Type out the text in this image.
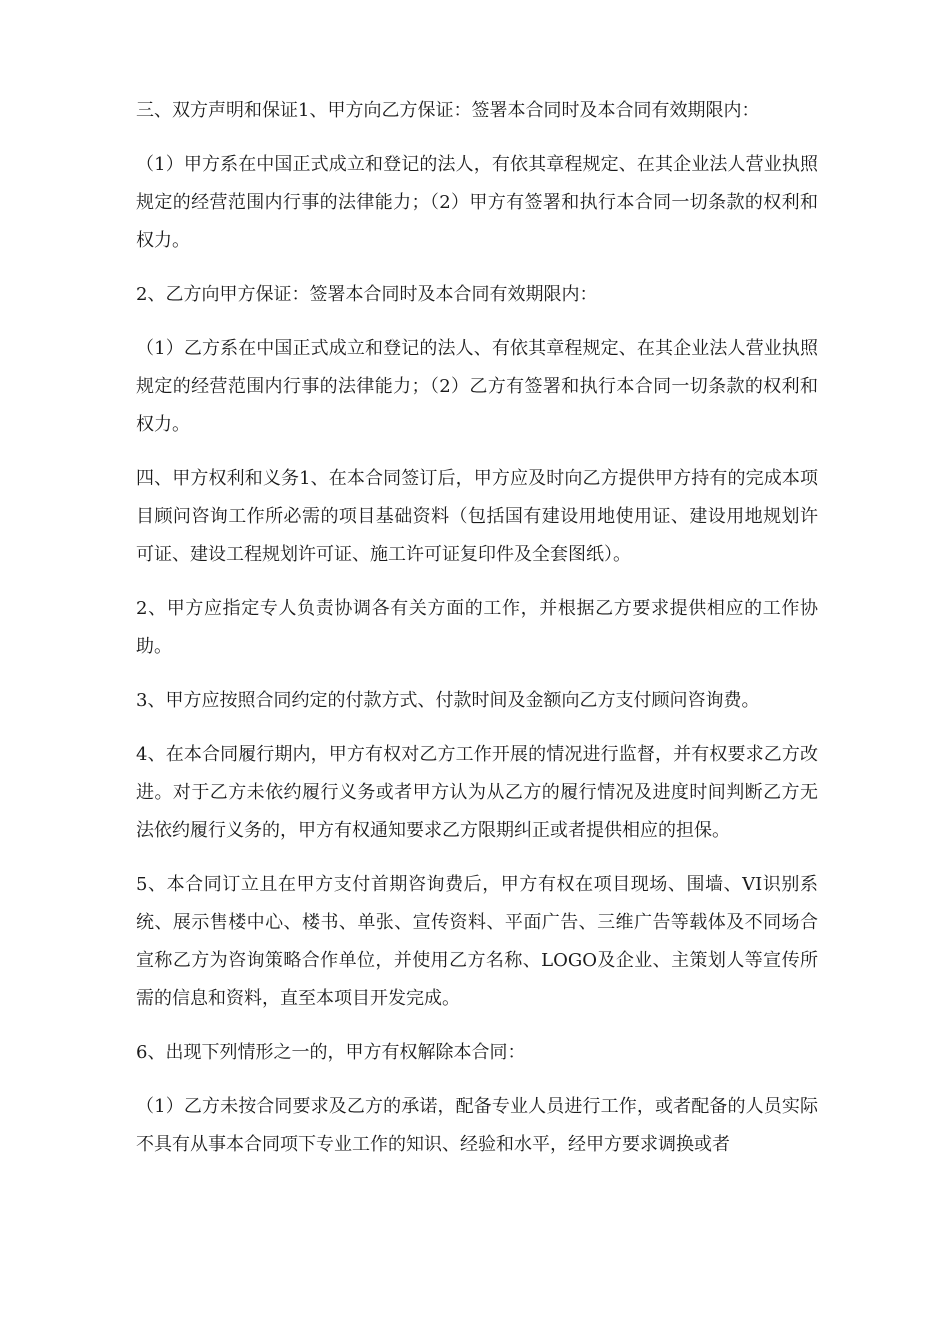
三、双方声明和保证1、甲方向乙方保证：签署本合同时及本合同有效期限内：

（1）甲方系在中国正式成立和登记的法人，有依其章程规定、在其企业法人营业执照规定的经营范围内行事的法律能力；（2）甲方有签署和执行本合同一切条款的权利和权力。

2、乙方向甲方保证：签署本合同时及本合同有效期限内：

（1）乙方系在中国正式成立和登记的法人、有依其章程规定、在其企业法人营业执照规定的经营范围内行事的法律能力；（2）乙方有签署和执行本合同一切条款的权利和权力。

四、甲方权利和义务1、在本合同签订后，甲方应及时向乙方提供甲方持有的完成本项目顾问咨询工作所必需的项目基础资料（包括国有建设用地使用证、建设用地规划许可证、建设工程规划许可证、施工许可证复印件及全套图纸）。

2、甲方应指定专人负责协调各有关方面的工作，并根据乙方要求提供相应的工作协助。

3、甲方应按照合同约定的付款方式、付款时间及金额向乙方支付顾问咨询费。

4、在本合同履行期内，甲方有权对乙方工作开展的情况进行监督，并有权要求乙方改进。对于乙方未依约履行义务或者甲方认为从乙方的履行情况及进度时间判断乙方无法依约履行义务的，甲方有权通知要求乙方限期纠正或者提供相应的担保。

5、本合同订立且在甲方支付首期咨询费后，甲方有权在项目现场、围墙、VI识别系统、展示售楼中心、楼书、单张、宣传资料、平面广告、三维广告等载体及不同场合宣称乙方为咨询策略合作单位，并使用乙方名称、LOGO及企业、主策划人等宣传所需的信息和资料，直至本项目开发完成。

6、出现下列情形之一的，甲方有权解除本合同：

（1）乙方未按合同要求及乙方的承诺，配备专业人员进行工作，或者配备的人员实际不具有从事本合同项下专业工作的知识、经验和水平，经甲方要求调换或者
